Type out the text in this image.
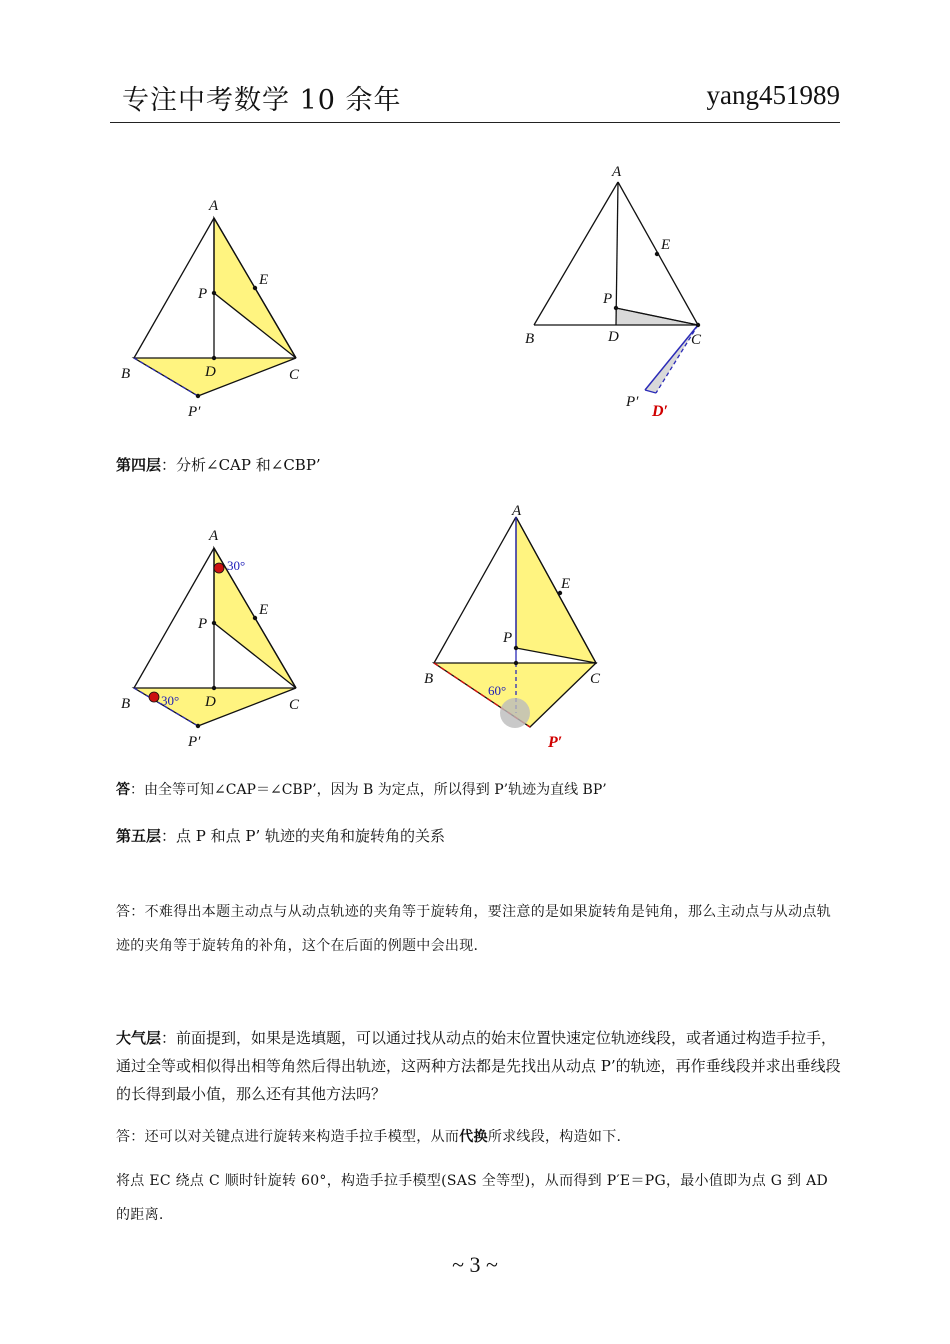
专注中考数学 10 余年	yang451989
A
P
E
B	D	C
P′
A
E
P
B	D	C
P′
D′
第四层：分析∠CAP 和∠CBP’
30°
30°
A
P
E
B	D	C
P′
60°
A
E
P
B	C
P′
答：由全等可知∠CAP＝∠CBP’，因为 B 为定点，所以得到 P’轨迹为直线 BP’
第五层：点 P 和点 P’ 轨迹的夹角和旋转角的关系
答：不难得出本题主动点与从动点轨迹的夹角等于旋转角，要注意的是如果旋转角是钝角，那么主动点与从动点轨迹的夹角等于旋转角的补角，这个在后面的例题中会出现.
大气层：前面提到，如果是选填题，可以通过找从动点的始末位置快速定位轨迹线段，或者通过构造手拉手，通过全等或相似得出相等角然后得出轨迹，这两种方法都是先找出从动点 P’的轨迹，再作垂线段并求出垂线段的长得到最小值，那么还有其他方法吗？
答：还可以对关键点进行旋转来构造手拉手模型，从而代换所求线段，构造如下.
将点 EC 绕点 C 顺时针旋转 60°，构造手拉手模型(SAS 全等型)，从而得到 P′E＝PG，最小值即为点 G 到 AD 的距离.
~ 3 ~
